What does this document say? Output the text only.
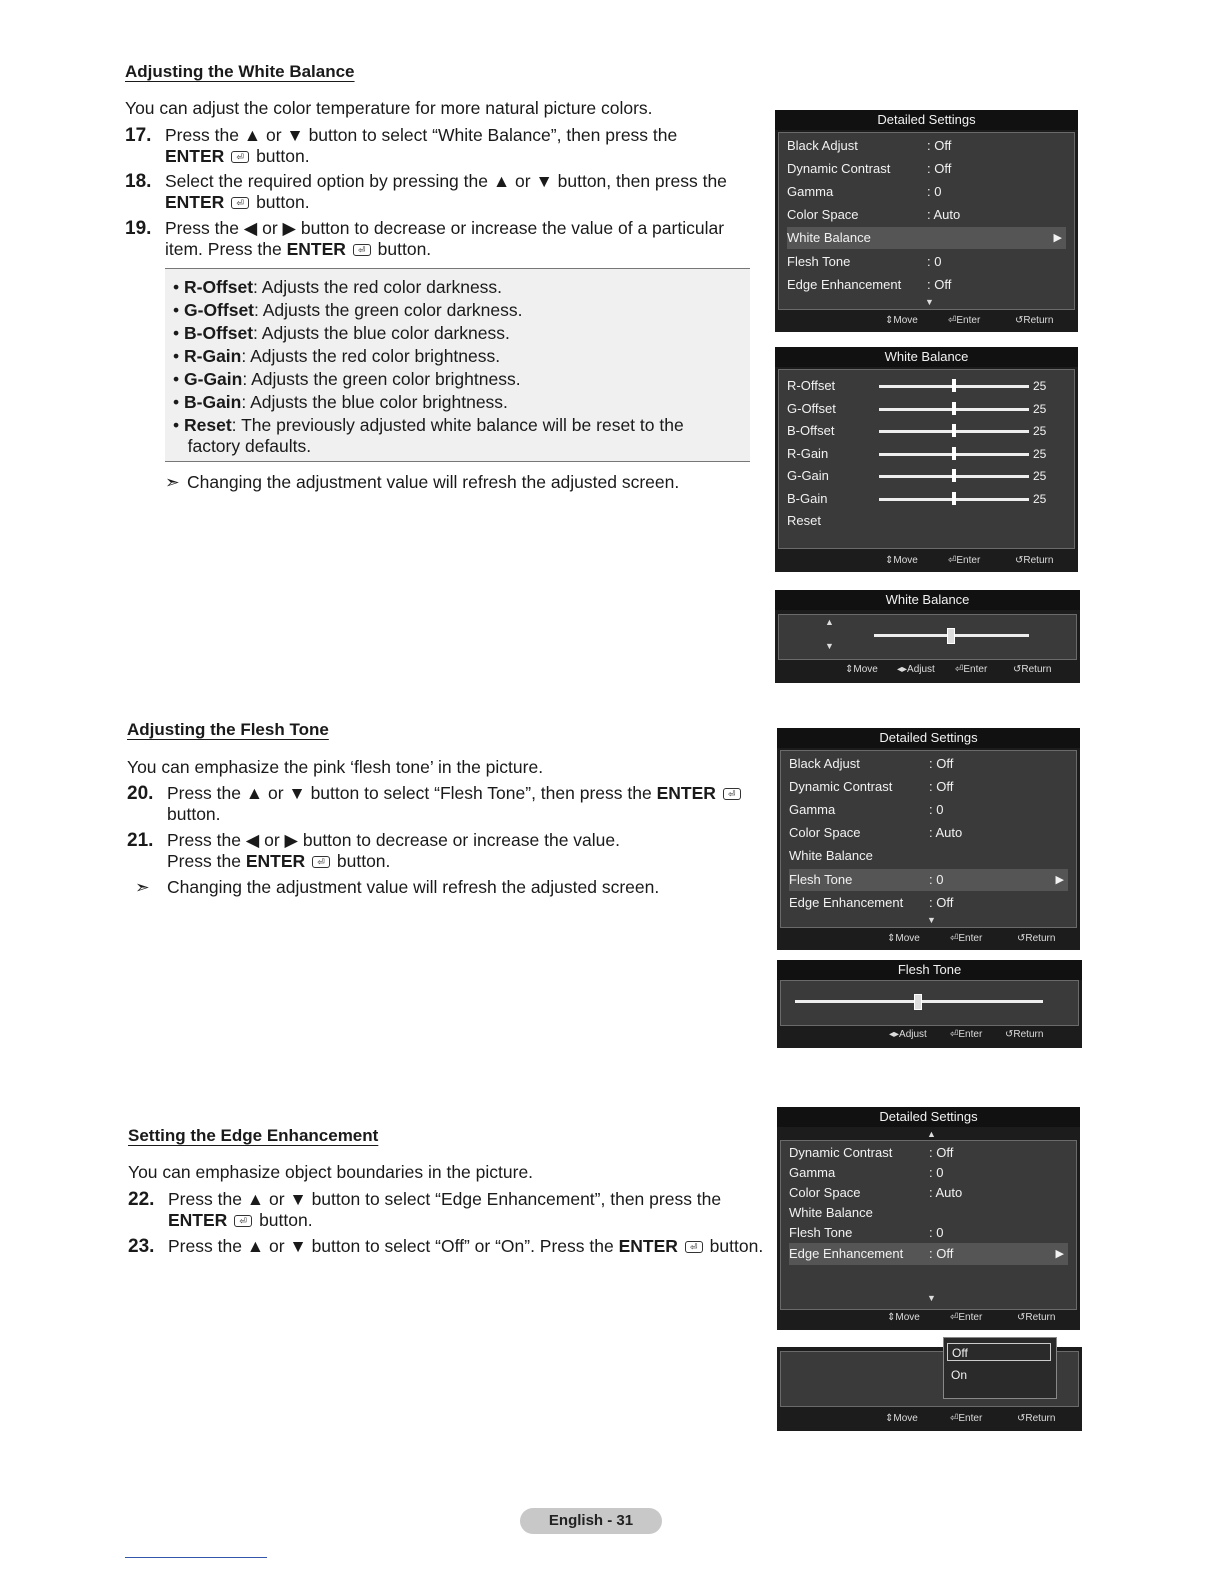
Adjusting the White Balance
You can adjust the color temperature for more natural picture colors.
17. Press the ▲ or ▼ button to select “White Balance”, then press the
ENTER ⏎ button.
18. Select the required option by pressing the ▲ or ▼ button, then press the
ENTER ⏎ button.
19. Press the ◀ or ▶ button to decrease or increase the value of a particular
item. Press the ENTER ⏎ button.
• R-Offset: Adjusts the red color darkness.
• G-Offset: Adjusts the green color darkness.
• B-Offset: Adjusts the blue color darkness.
• R-Gain: Adjusts the red color brightness.
• G-Gain: Adjusts the green color brightness.
• B-Gain: Adjusts the blue color brightness.
• Reset: The previously adjusted white balance will be reset to the
factory defaults.
➣ Changing the adjustment value will refresh the adjusted screen.
Detailed Settings
Black Adjust	: Off
Dynamic Contrast	: Off
Gamma	: 0
Color Space	: Auto
White Balance	▶
Flesh Tone	: 0
Edge Enhancement : Off
▼
⇕ Move	⏎ Enter	↺ Return
White Balance
R-Offset	25
G-Offset	25
B-Offset	25
R-Gain	25
G-Gain	25
B-Gain	25
Reset
⇕ Move	⏎ Enter	↺ Return
White Balance
▲
▼
⇕ Move ◂▸ Adjust ⏎ Enter	↺ Return
Adjusting the Flesh Tone
You can emphasize the pink ‘flesh tone’ in the picture.
20. Press the ▲ or ▼ button to select “Flesh Tone”, then press the ENTER ⏎
button.
21. Press the ◀ or ▶ button to decrease or increase the value.
Press the ENTER ⏎ button.
➣ Changing the adjustment value will refresh the adjusted screen.
Detailed Settings
Black Adjust	: Off
Dynamic Contrast	: Off
Gamma	: 0
Color Space	: Auto
White Balance
Flesh Tone	: 0	▶
Edge Enhancement : Off
▼
⇕ Move	⏎ Enter	↺ Return
Flesh Tone
◂▸ Adjust ⏎ Enter ↺ Return
Setting the Edge Enhancement
You can emphasize object boundaries in the picture.
22. Press the ▲ or ▼ button to select “Edge Enhancement”, then press the
ENTER ⏎ button.
23. Press the ▲ or ▼ button to select “Off” or “On”. Press the ENTER ⏎ button.
Detailed Settings
▲
Dynamic Contrast	: Off
Gamma	: 0
Color Space	: Auto
White Balance
Flesh Tone	: 0
Edge Enhancement : Off	▶
▼
⇕ Move	⏎ Enter	↺ Return
Off
On
⇕ Move	⏎ Enter	↺ Return
English - 31
